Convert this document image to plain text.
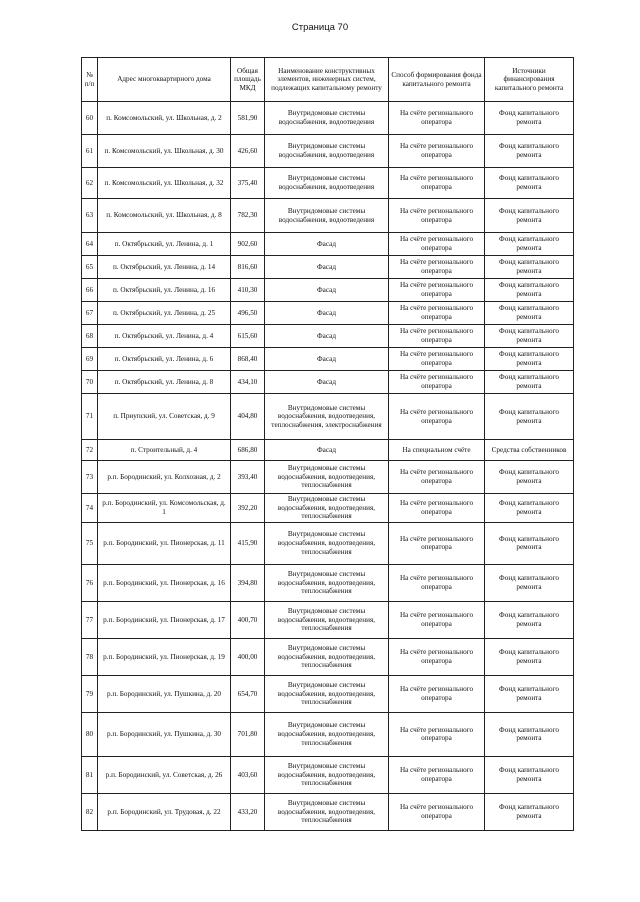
Страница 70
№ п/п	Адрес многоквартирного дома	Общая площадь МКД	Наименование конструктивных элементов, инженерных систем, подлежащих капитальному ремонту	Способ формирования фонда капитального ремонта	Источники финансирования капитального ремонта
60	п. Комсомольский, ул. Школьная, д. 2	581,90	Внутридомовые системы водоснабжения, водоотведения	На счёте регионального оператора	Фонд капитального ремонта
61	п. Комсомольский, ул. Школьная, д. 30	426,60	Внутридомовые системы водоснабжения, водоотведения	На счёте регионального оператора	Фонд капитального ремонта
62	п. Комсомольский, ул. Школьная, д. 32	375,40	Внутридомовые системы водоснабжения, водоотведения	На счёте регионального оператора	Фонд капитального ремонта
63	п. Комсомольский, ул. Школьная, д. 8	782,30	Внутридомовые системы водоснабжения, водоотведения	На счёте регионального оператора	Фонд капитального ремонта
64	п. Октябрьский, ул. Ленина, д. 1	902,60	Фасад	На счёте регионального оператора	Фонд капитального ремонта
65	п. Октябрьский, ул. Ленина, д. 14	816,60	Фасад	На счёте регионального оператора	Фонд капитального ремонта
66	п. Октябрьский, ул. Ленина, д. 16	410,30	Фасад	На счёте регионального оператора	Фонд капитального ремонта
67	п. Октябрьский, ул. Ленина, д. 25	496,50	Фасад	На счёте регионального оператора	Фонд капитального ремонта
68	п. Октябрьский, ул. Ленина, д. 4	615,60	Фасад	На счёте регионального оператора	Фонд капитального ремонта
69	п. Октябрьский, ул. Ленина, д. 6	868,40	Фасад	На счёте регионального оператора	Фонд капитального ремонта
70	п. Октябрьский, ул. Ленина, д. 8	434,10	Фасад	На счёте регионального оператора	Фонд капитального ремонта
71	п. Приупский, ул. Советская, д. 9	404,80	Внутридомовые системы водоснабжения, водоотведения, теплоснабжения, электроснабжения	На счёте регионального оператора	Фонд капитального ремонта
72	п. Строительный, д. 4	686,80	Фасад	На специальном счёте	Средства собственников
73	р.п. Бородинский, ул. Колхозная, д. 2	393,40	Внутридомовые системы водоснабжения, водоотведения, теплоснабжения	На счёте регионального оператора	Фонд капитального ремонта
74	р.п. Бородинский, ул. Комсомольская, д. 1	392,20	Внутридомовые системы водоснабжения, водоотведения, теплоснабжения	На счёте регионального оператора	Фонд капитального ремонта
75	р.п. Бородинский, ул. Пионерская, д. 11	415,90	Внутридомовые системы водоснабжения, водоотведения, теплоснабжения	На счёте регионального оператора	Фонд капитального ремонта
76	р.п. Бородинский, ул. Пионерская, д. 16	394,80	Внутридомовые системы водоснабжения, водоотведения, теплоснабжения	На счёте регионального оператора	Фонд капитального ремонта
77	р.п. Бородинский, ул. Пионерская, д. 17	400,70	Внутридомовые системы водоснабжения, водоотведения, теплоснабжения	На счёте регионального оператора	Фонд капитального ремонта
78	р.п. Бородинский, ул. Пионерская, д. 19	400,00	Внутридомовые системы водоснабжения, водоотведения, теплоснабжения	На счёте регионального оператора	Фонд капитального ремонта
79	р.п. Бородинский, ул. Пушкина, д. 20	654,70	Внутридомовые системы водоснабжения, водоотведения, теплоснабжения	На счёте регионального оператора	Фонд капитального ремонта
80	р.п. Бородинский, ул. Пушкина, д. 30	701,80	Внутридомовые системы водоснабжения, водоотведения, теплоснабжения	На счёте регионального оператора	Фонд капитального ремонта
81	р.п. Бородинский, ул. Советская, д. 26	403,60	Внутридомовые системы водоснабжения, водоотведения, теплоснабжения	На счёте регионального оператора	Фонд капитального ремонта
82	р.п. Бородинский, ул. Трудовая, д. 22	433,20	Внутридомовые системы водоснабжения, водоотведения, теплоснабжения	На счёте регионального оператора	Фонд капитального ремонта
